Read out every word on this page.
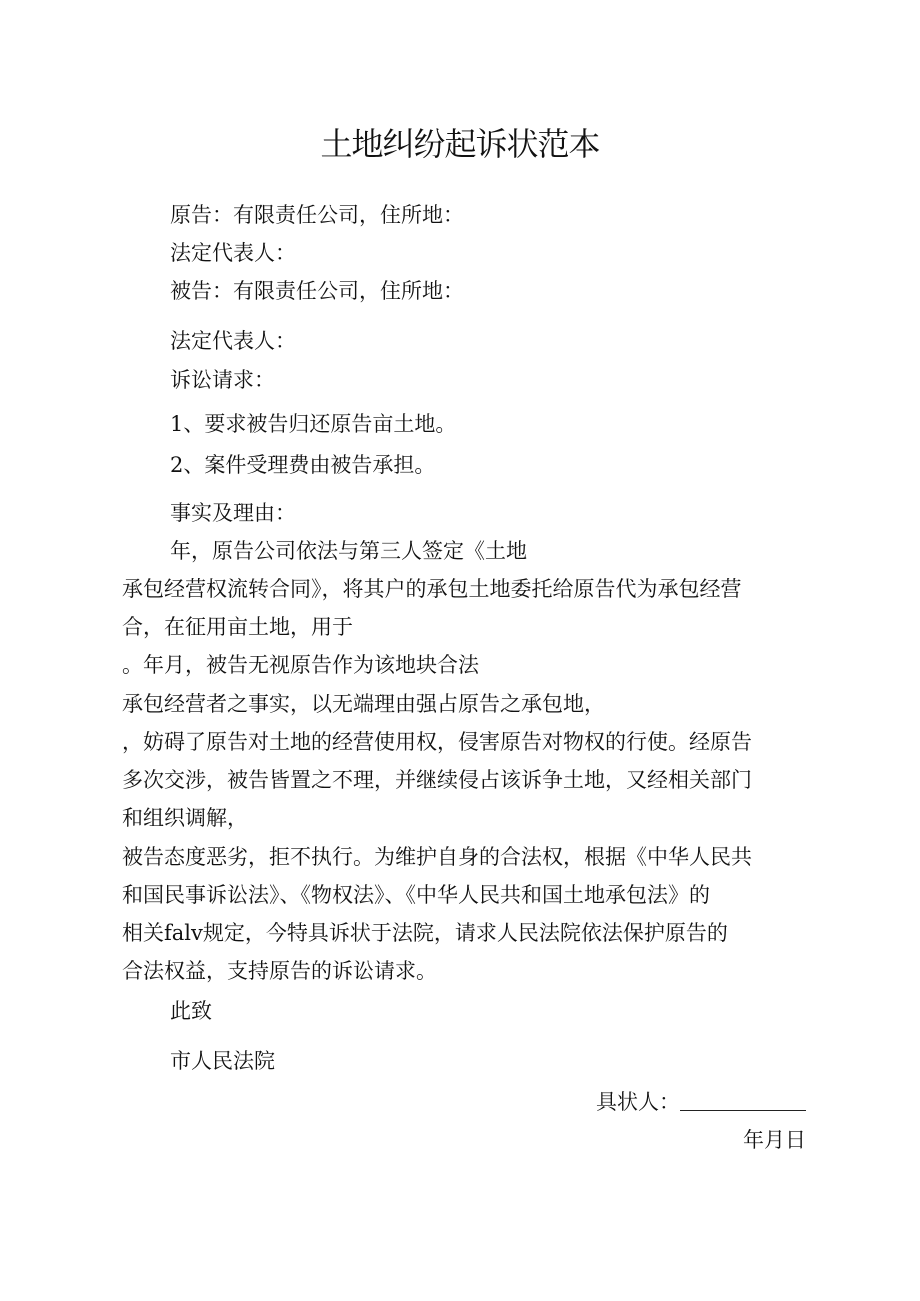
土地纠纷起诉状范本

原告：有限责任公司，住所地：

法定代表人：

被告：有限责任公司，住所地：

法定代表人：

诉讼请求：

1、要求被告归还原告亩土地。

2、案件受理费由被告承担。

事实及理由：

年，原告公司依法与第三人签定《土地

承包经营权流转合同》，将其户的承包土地委托给原告代为承包经营

合，在征用亩土地，用于

。年月，被告无视原告作为该地块合法

承包经营者之事实，以无端理由强占原告之承包地，

，妨碍了原告对土地的经营使用权，侵害原告对物权的行使。经原告

多次交涉，被告皆置之不理，并继续侵占该诉争土地，又经相关部门

和组织调解，

被告态度恶劣，拒不执行。为维护自身的合法权，根据《中华人民共

和国民事诉讼法》、《物权法》、《中华人民共和国土地承包法》的

相关falv规定，今特具诉状于法院，请求人民法院依法保护原告的

合法权益，支持原告的诉讼请求。

此致

市人民法院

具状人：

年月日
